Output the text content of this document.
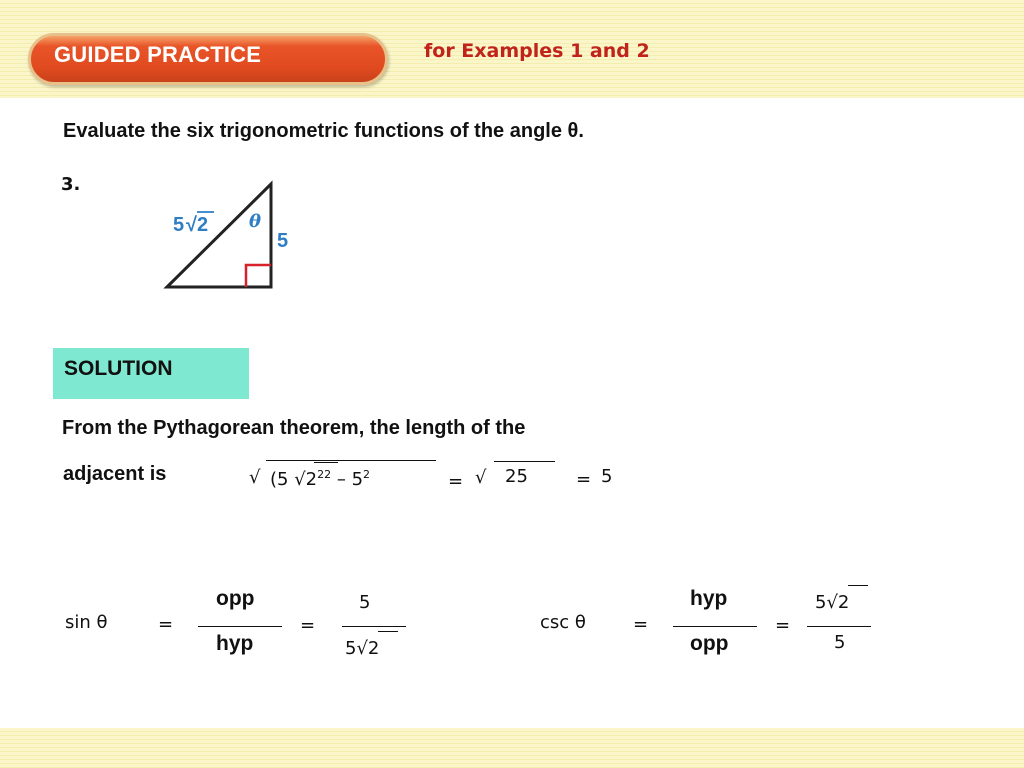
GUIDED PRACTICE	for Examples 1 and 2
Evaluate the six trigonometric functions of the angle θ.
3.
5 √2 θ
5
SOLUTION
From the Pythagorean theorem, the length of the
adjacent is	√ (5 $√2^{22} - 5^2$	= √ 25	= 5
sin θ	=
opp
hyp
=
5
5√2
csc θ	=
hyp
opp
=
5√2
5
